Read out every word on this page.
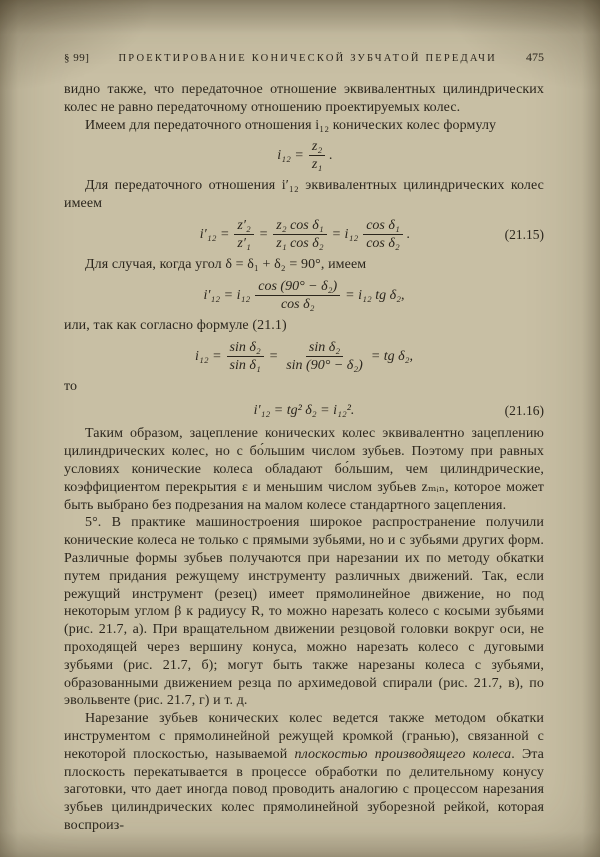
§ 99]	ПРОЕКТИРОВАНИЕ КОНИЧЕСКОЙ ЗУБЧАТОЙ ПЕРЕДАЧИ 475

видно также, что передаточное отношение эквивалентных цилиндрических колес не равно передаточному отношению проектируемых колес.

Имеем для передаточного отношения i₁₂ конических колес формулу

$i_{12} = \frac{\text{z₂}}{\text{z₁}}$ .

Для передаточного отношения i′₁₂ эквивалентных цилиндрических колес имеем

$i'_{12} = \frac{\text{z′₂}}{\text{z′₁}} = \frac{\text{z₂ cos δ₁}}{\text{z₁ cos δ₂}} = i_{12} \frac{\text{cos δ₁}}{\text{cos δ₂}}$ .	(21.15)

Для случая, когда угол δ = δ₁ + δ₂ = 90°, имеем

$i'_{12} = i_{12} \frac{\text{cos (90° − δ₂)}}{\text{cos δ₂}} = i_{12}$ tg δ₂,

или, так как согласно формуле (21.1)

$i_{12} = \frac{\text{sin δ₂}}{\text{sin δ₁}} = \frac{\text{sin δ₂}}{\text{sin (90° − δ₂)}}$ = tg δ₂,

то

i′₁₂ = tg² δ₂ = i₁₂².	(21.16)

Таким образом, зацепление конических колес эквивалентно зацеплению цилиндрических колес, но с бо́льшим числом зубьев. Поэтому при равных условиях конические колеса обладают бо́льшим, чем цилиндрические, коэффициентом перекрытия ε и меньшим числом зубьев zₘᵢₙ, которое может быть выбрано без подрезания на малом колесе стандартного зацепления.

5°. В практике машиностроения широкое распространение получили конические колеса не только с прямыми зубьями, но и с зубьями других форм. Различные формы зубьев получаются при нарезании их по методу обкатки путем придания режущему инструменту различных движений. Так, если режущий инструмент (резец) имеет прямолинейное движение, но под некоторым углом β к радиусу R, то можно нарезать колесо с косыми зубьями (рис. 21.7, а). При вращательном движении резцовой головки вокруг оси, не проходящей через вершину конуса, можно нарезать колесо с дуговыми зубьями (рис. 21.7, б); могут быть также нарезаны колеса с зубьями, образованными движением резца по архимедовой спирали (рис. 21.7, в), по эвольвенте (рис. 21.7, г) и т. д.

Нарезание зубьев конических колес ведется также методом обкатки инструментом с прямолинейной режущей кромкой (гранью), связанной с некоторой плоскостью, называемой плоскостью производящего колеса. Эта плоскость перекатывается в процессе обработки по делительному конусу заготовки, что дает иногда повод проводить аналогию с процессом нарезания зубьев цилиндрических колес прямолинейной зуборезной рейкой, которая воспроиз-
